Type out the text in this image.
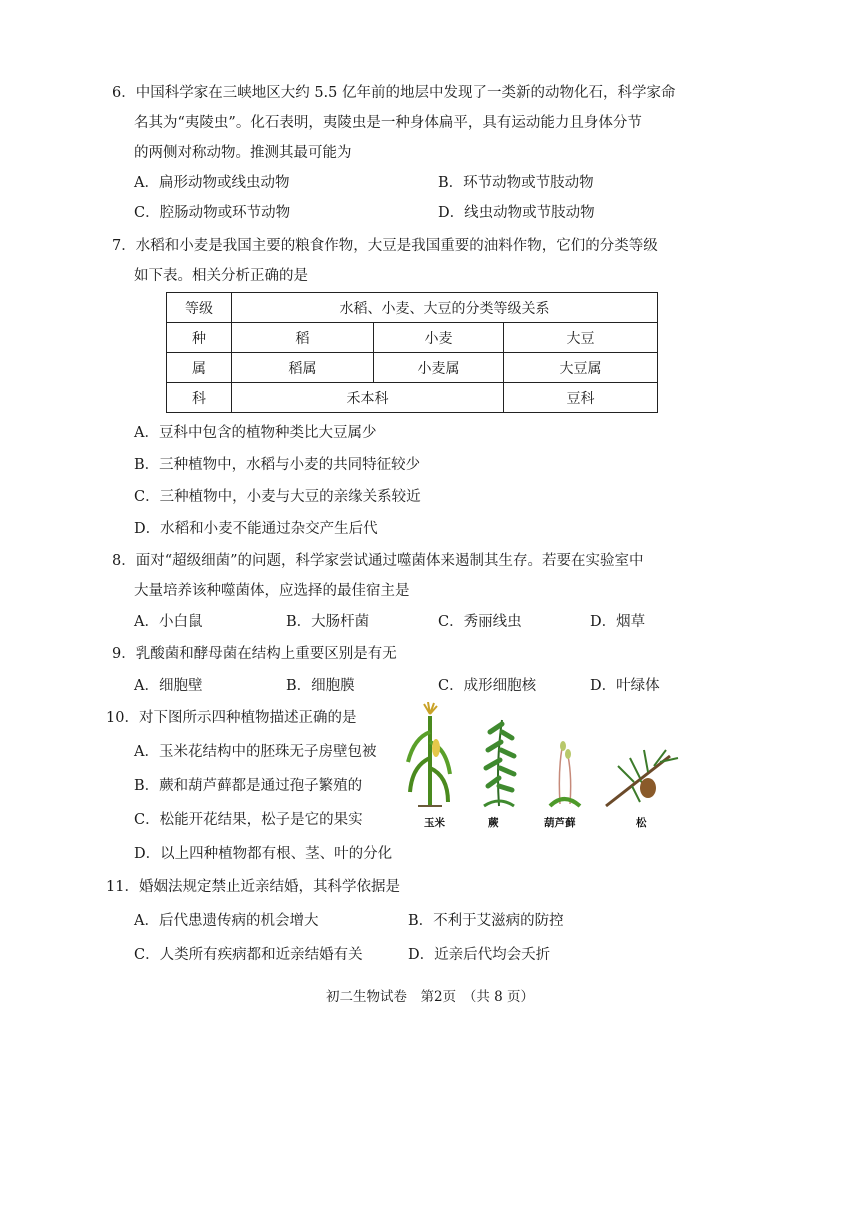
6．中国科学家在三峡地区大约 5.5 亿年前的地层中发现了一类新的动物化石，科学家命
名其为“夷陵虫”。化石表明，夷陵虫是一种身体扁平，具有运动能力且身体分节
的两侧对称动物。推测其最可能为
A．扁形动物或线虫动物	B．环节动物或节肢动物
C．腔肠动物或环节动物	D．线虫动物或节肢动物
7．水稻和小麦是我国主要的粮食作物，大豆是我国重要的油料作物，它们的分类等级
如下表。相关分析正确的是
等级	水稻、小麦、大豆的分类等级关系		
种	稻	小麦	大豆
属	稻属	小麦属	大豆属
科	禾本科		豆科
A．豆科中包含的植物种类比大豆属少
B．三种植物中，水稻与小麦的共同特征较少
C．三种植物中，小麦与大豆的亲缘关系较近
D．水稻和小麦不能通过杂交产生后代
8．面对“超级细菌”的问题，科学家尝试通过噬菌体来遏制其生存。若要在实验室中
大量培养该种噬菌体，应选择的最佳宿主是
A．小白鼠	B．大肠杆菌	C．秀丽线虫	D．烟草
9．乳酸菌和酵母菌在结构上重要区别是有无
A．细胞壁	B．细胞膜	C．成形细胞核	D．叶绿体
10．对下图所示四种植物描述正确的是
A．玉米花结构中的胚珠无子房壁包被
B．蕨和葫芦藓都是通过孢子繁殖的
C．松能开花结果，松子是它的果实
D．以上四种植物都有根、茎、叶的分化
玉米	蕨	葫芦藓	松
11．婚姻法规定禁止近亲结婚，其科学依据是
A．后代患遗传病的机会增大	B．不利于艾滋病的防控
C．人类所有疾病都和近亲结婚有关	D．近亲后代均会夭折
初二生物试卷　第2页　（共 8 页）
